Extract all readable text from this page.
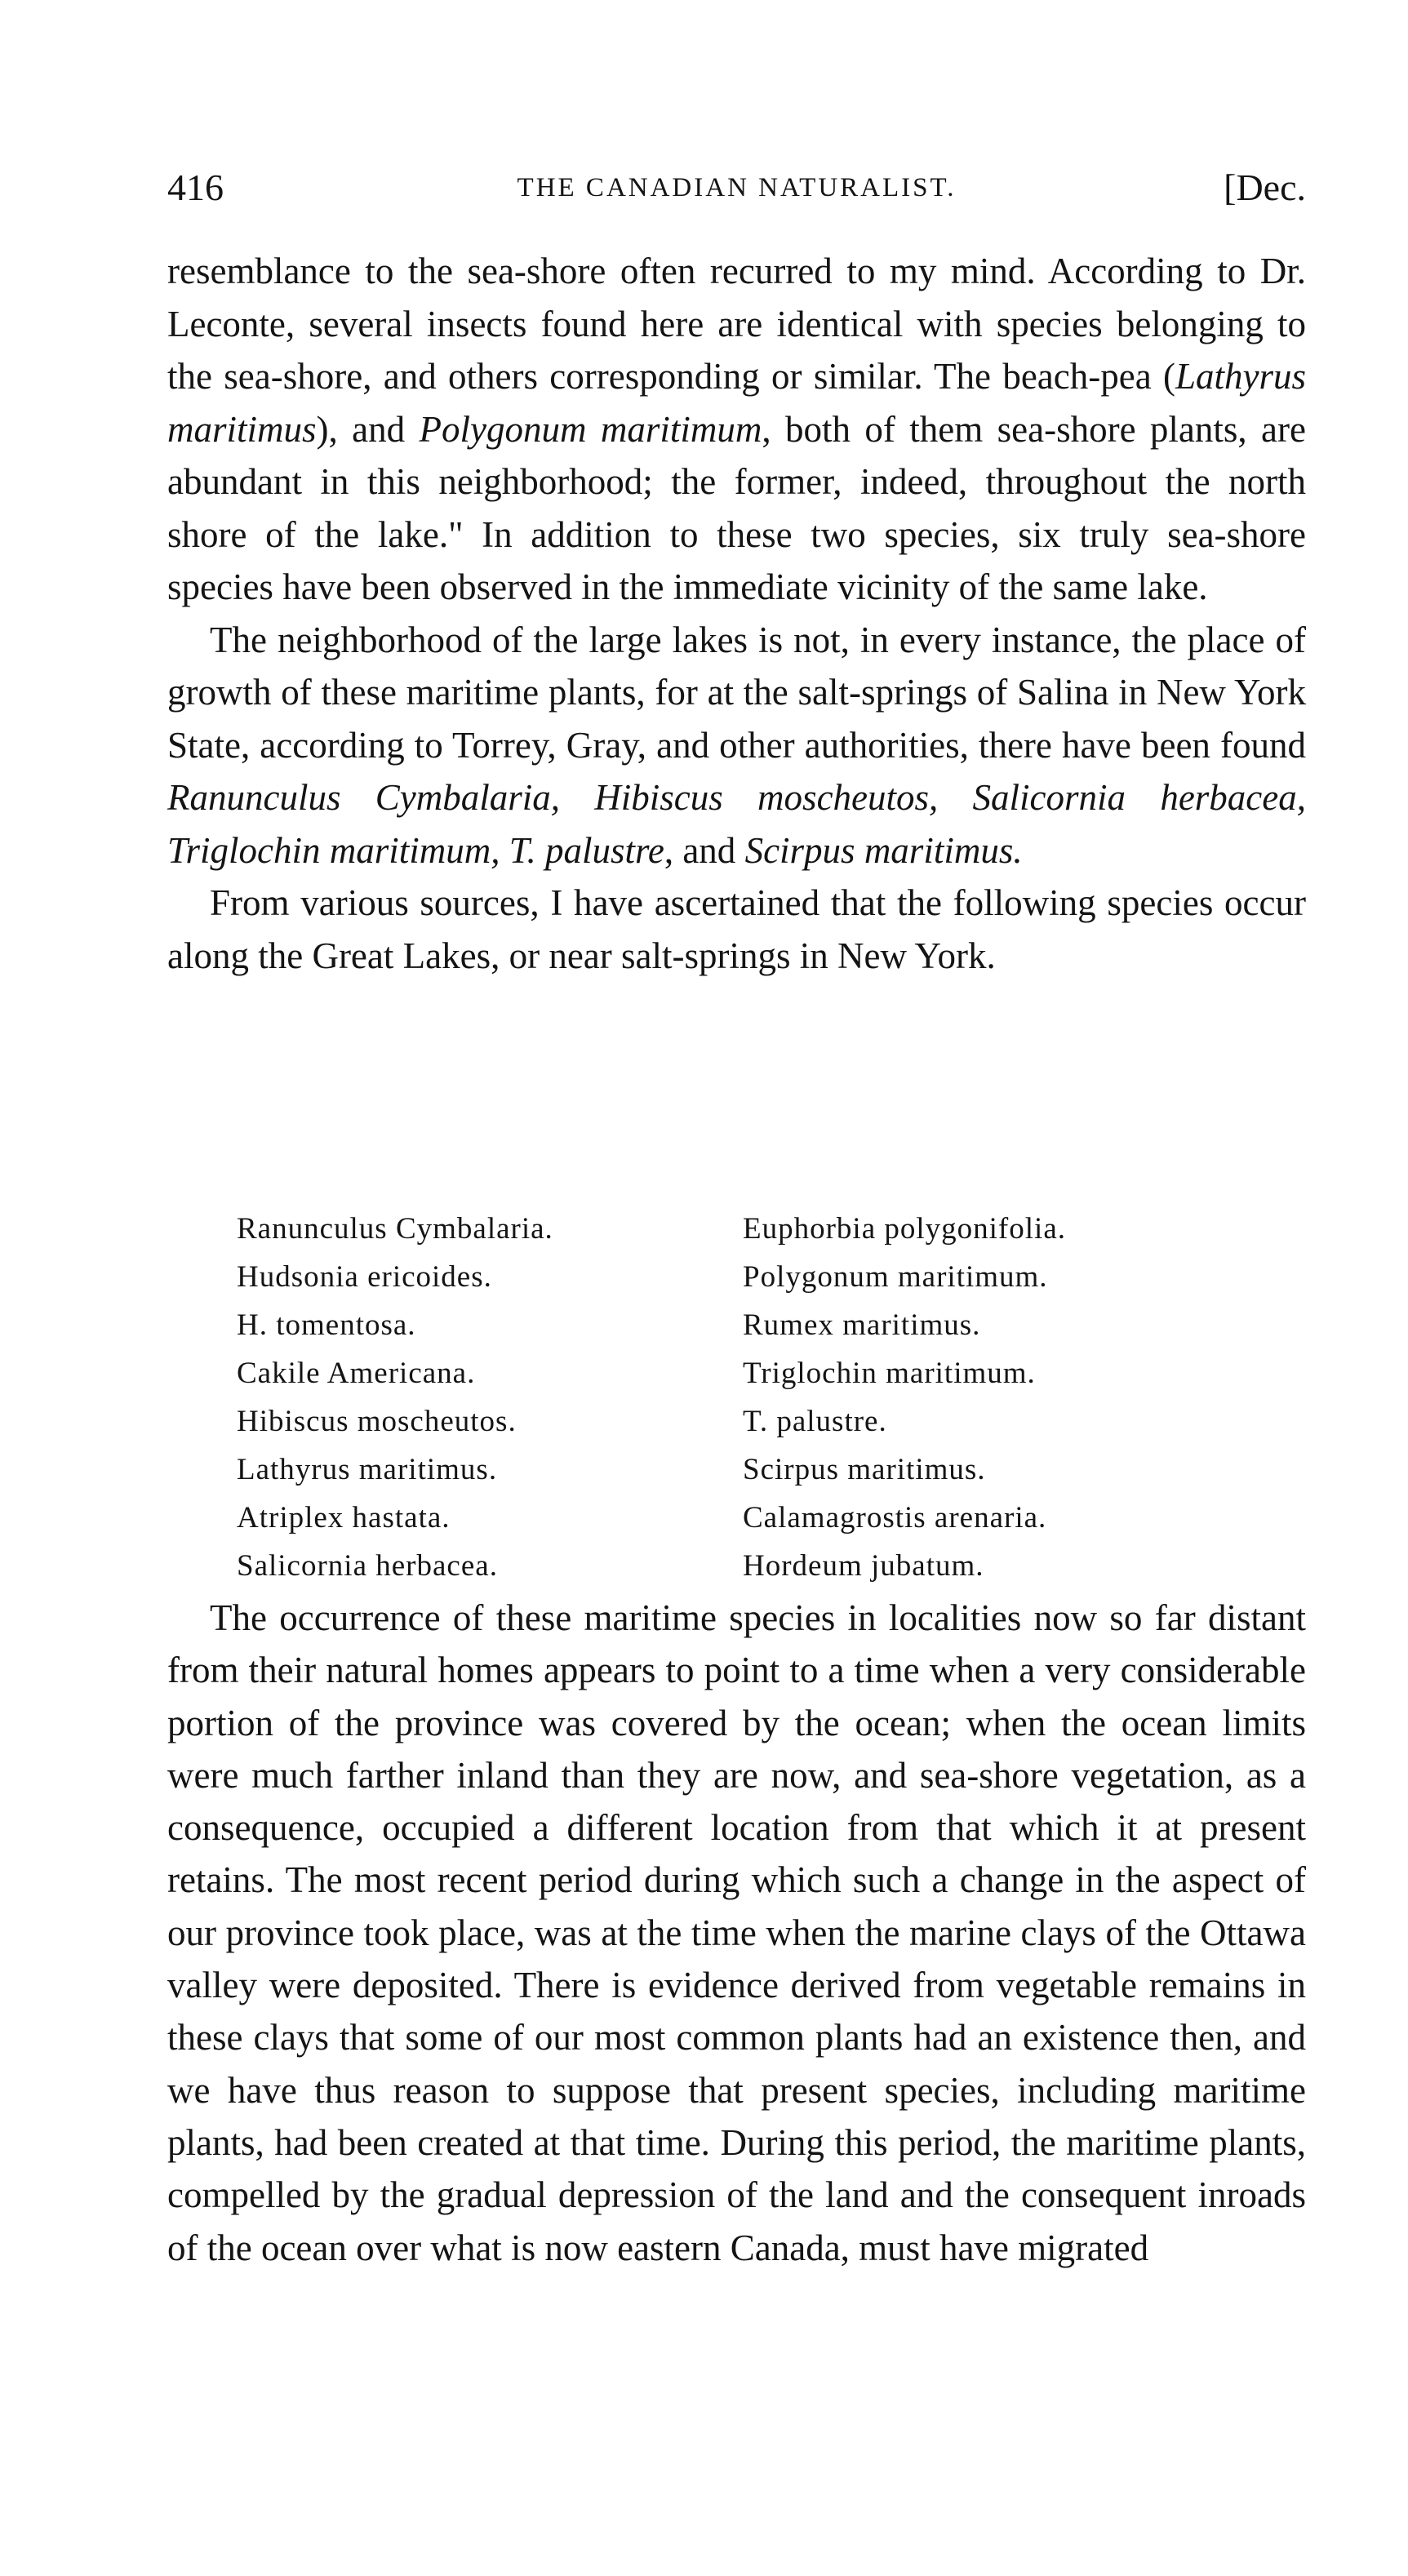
416	THE CANADIAN NATURALIST.	[Dec.

resemblance to the sea-shore often recurred to my mind. According to Dr. Leconte, several insects found here are identical with species belonging to the sea-shore, and others corresponding or similar. The beach-pea (Lathyrus maritimus), and Polygonum maritimum, both of them sea-shore plants, are abundant in this neighborhood; the former, indeed, throughout the north shore of the lake." In addition to these two species, six truly sea-shore species have been observed in the immediate vicinity of the same lake.

The neighborhood of the large lakes is not, in every instance, the place of growth of these maritime plants, for at the salt-springs of Salina in New York State, according to Torrey, Gray, and other authorities, there have been found Ranunculus Cymbalaria, Hibiscus moscheutos, Salicornia herbacea, Triglochin maritimum, T. palustre, and Scirpus maritimus.

From various sources, I have ascertained that the following species occur along the Great Lakes, or near salt-springs in New York.

Ranunculus Cymbalaria.
Hudsonia ericoides.
H. tomentosa.
Cakile Americana.
Hibiscus moscheutos.
Lathyrus maritimus.
Atriplex hastata.
Salicornia herbacea.
Euphorbia polygonifolia.
Polygonum maritimum.
Rumex maritimus.
Triglochin maritimum.
T. palustre.
Scirpus maritimus.
Calamagrostis arenaria.
Hordeum jubatum.

The occurrence of these maritime species in localities now so far distant from their natural homes appears to point to a time when a very considerable portion of the province was covered by the ocean; when the ocean limits were much farther inland than they are now, and sea-shore vegetation, as a consequence, occupied a different location from that which it at present retains. The most recent period during which such a change in the aspect of our province took place, was at the time when the marine clays of the Ottawa valley were deposited. There is evidence derived from vegetable remains in these clays that some of our most common plants had an existence then, and we have thus reason to suppose that present species, including maritime plants, had been created at that time. During this period, the maritime plants, compelled by the gradual depression of the land and the consequent inroads of the ocean over what is now eastern Canada, must have migrated
